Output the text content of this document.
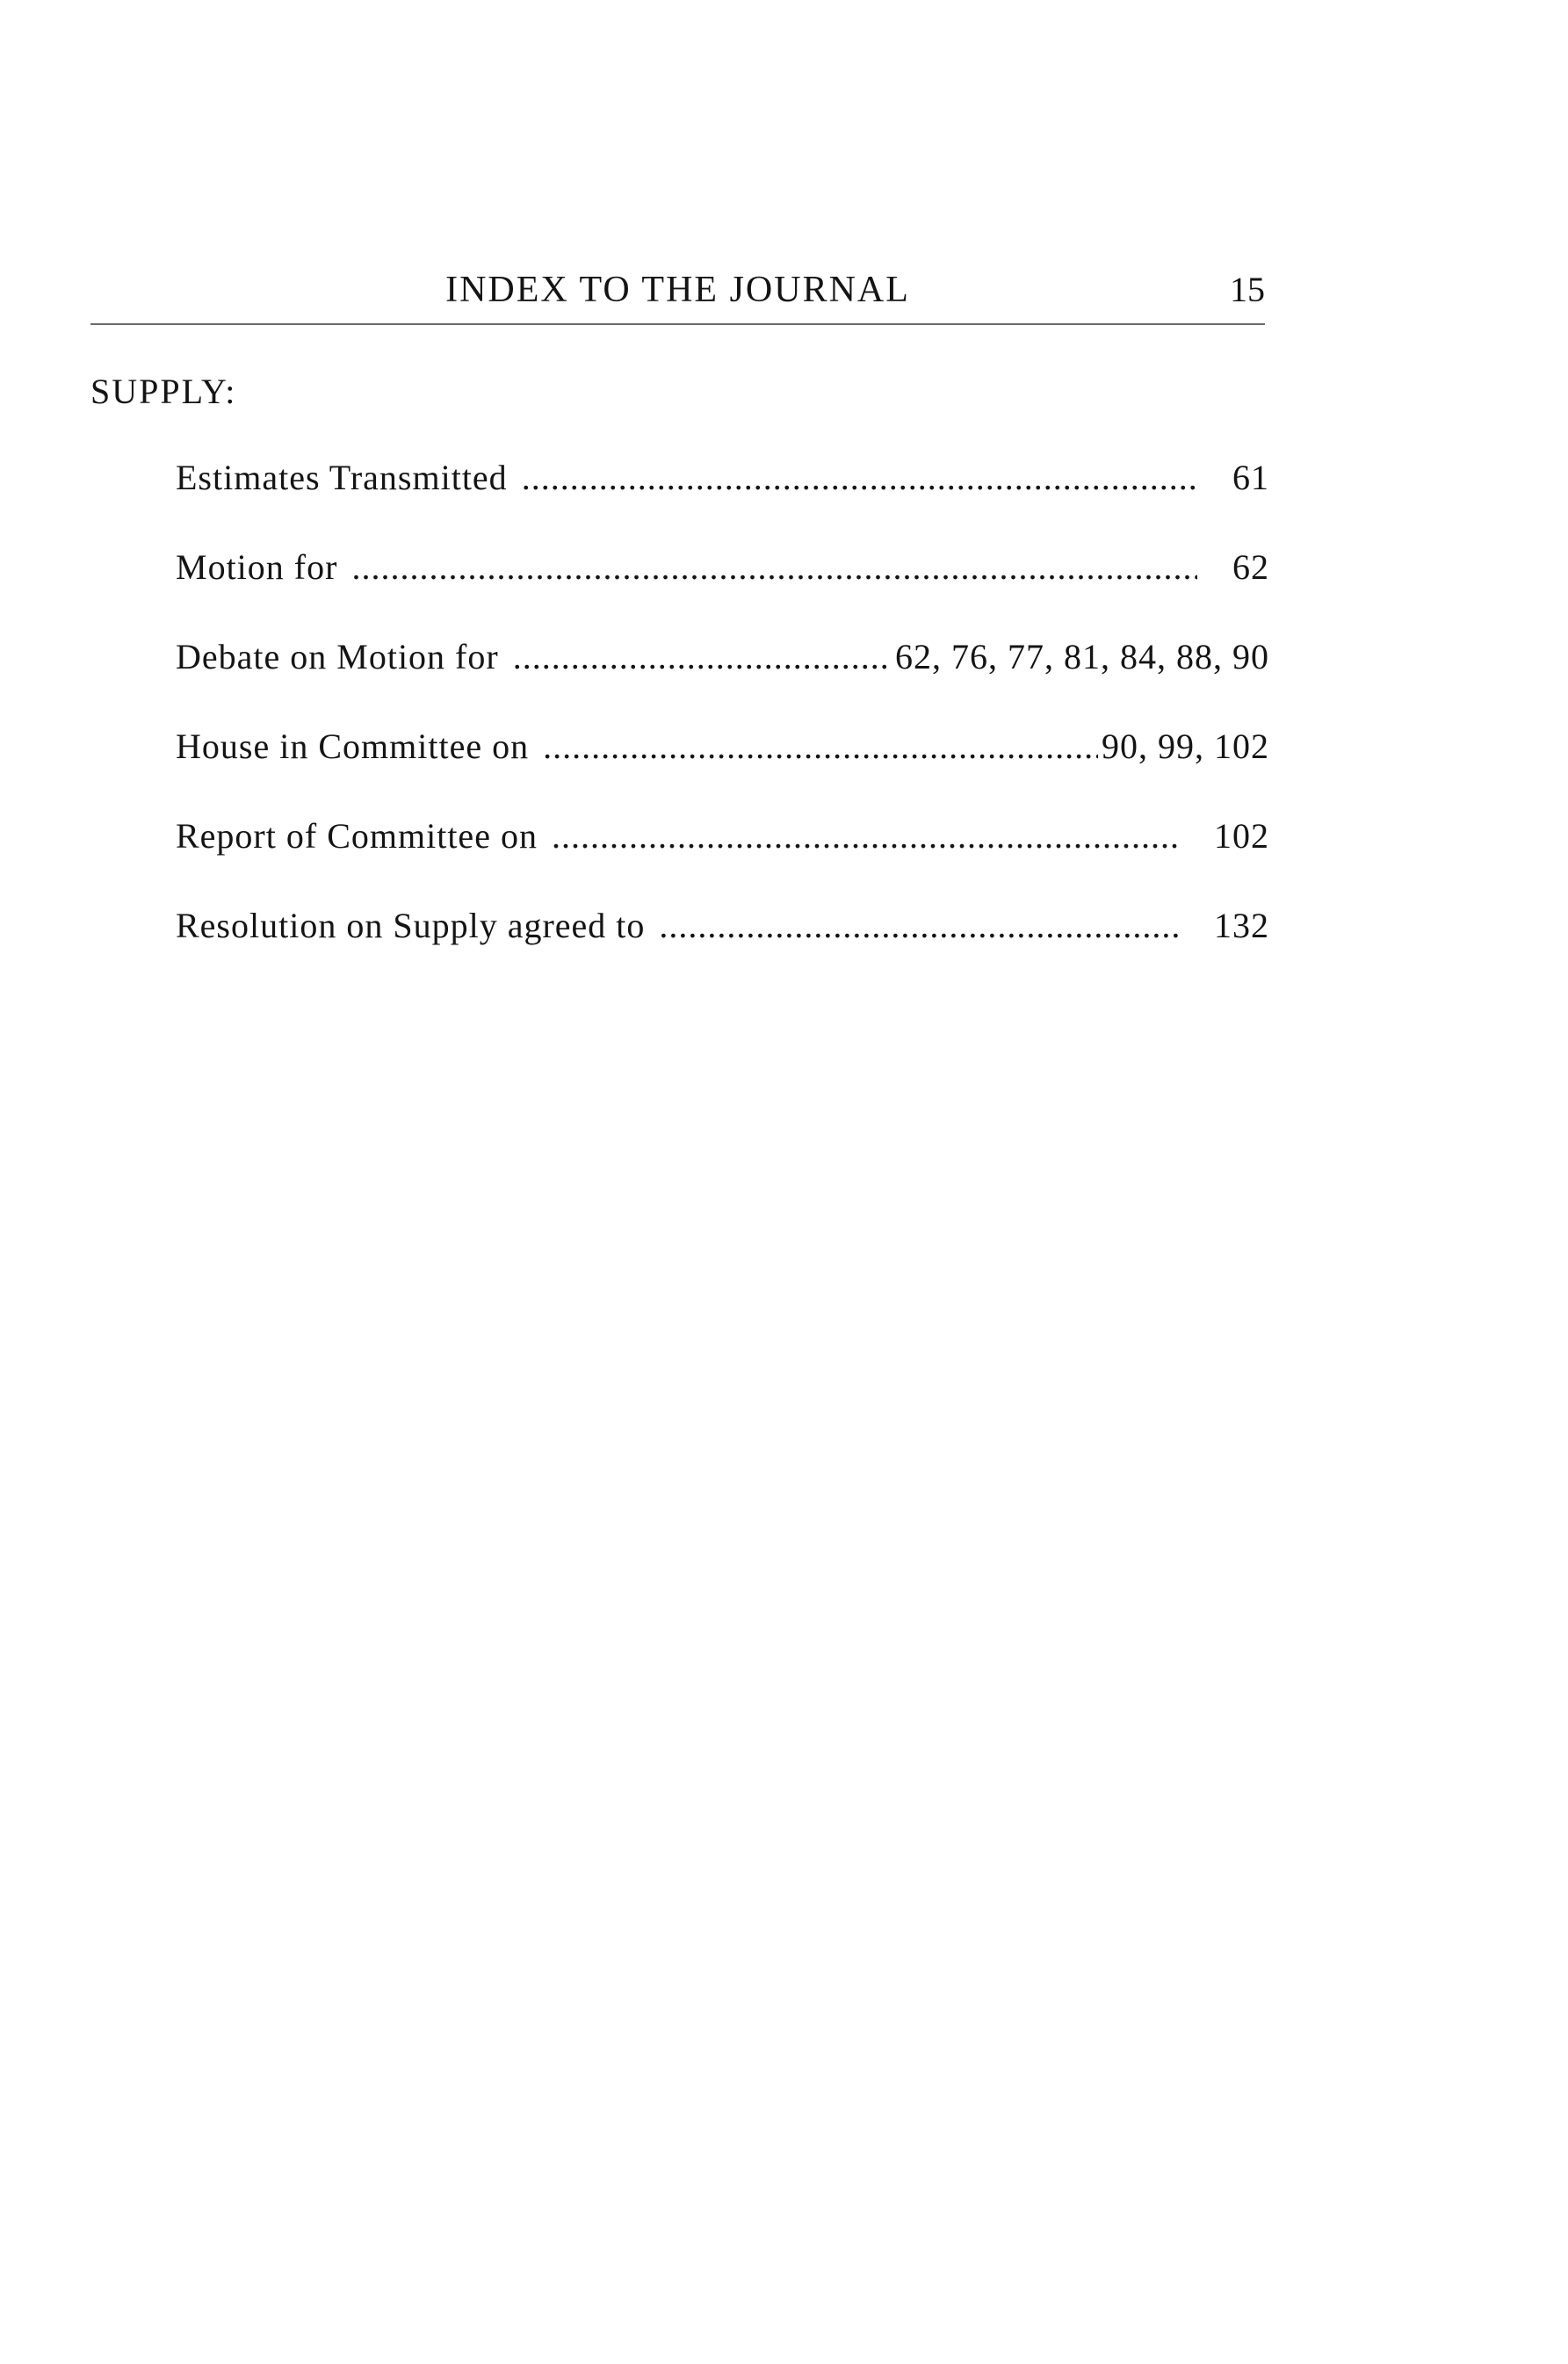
INDEX TO THE JOURNAL	15
SUPPLY:
Estimates Transmitted .....	61
Motion for .....	62
Debate on Motion for .....	62, 76, 77, 81, 84, 88, 90
House in Committee on .....	90, 99, 102
Report of Committee on .....	102
Resolution on Supply agreed to .....	132
